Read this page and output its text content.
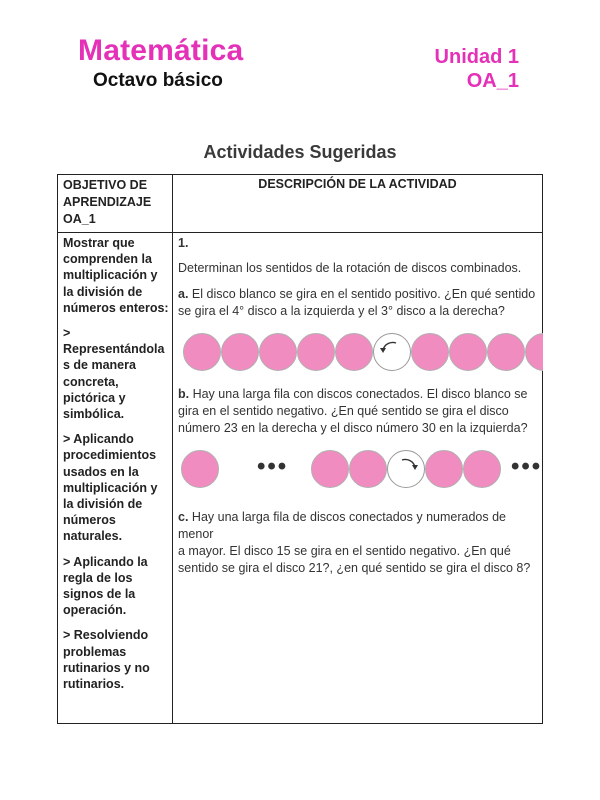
Matemática
Octavo básico
Unidad 1
OA_1
Actividades Sugeridas
OBJETIVO DE
APRENDIZAJE
OA_1
DESCRIPCIÓN DE LA ACTIVIDAD

Mostrar que
comprenden la
multiplicación y
la división de
números enteros:

>
Representándola
s de manera
concreta,
pictórica y
simbólica.

> Aplicando
procedimientos
usados en la
multiplicación y
la división de
números
naturales.

> Aplicando la
regla de los
signos de la
operación.

> Resolviendo
problemas
rutinarios y no
rutinarios.

1.
Determinan los sentidos de la rotación de discos combinados.
a. El disco blanco se gira en el sentido positivo. ¿En qué sentido
se gira el 4° disco a la izquierda y el 3° disco a la derecha?
b. Hay una larga fila con discos conectados. El disco blanco se
gira en el sentido negativo. ¿En qué sentido se gira el disco
número 23 en la derecha y el disco número 30 en la izquierda?
•••	•••
c. Hay una larga fila de discos conectados y numerados de menor
a mayor. El disco 15 se gira en el sentido negativo. ¿En qué
sentido se gira el disco 21?, ¿en qué sentido se gira el disco 8?
